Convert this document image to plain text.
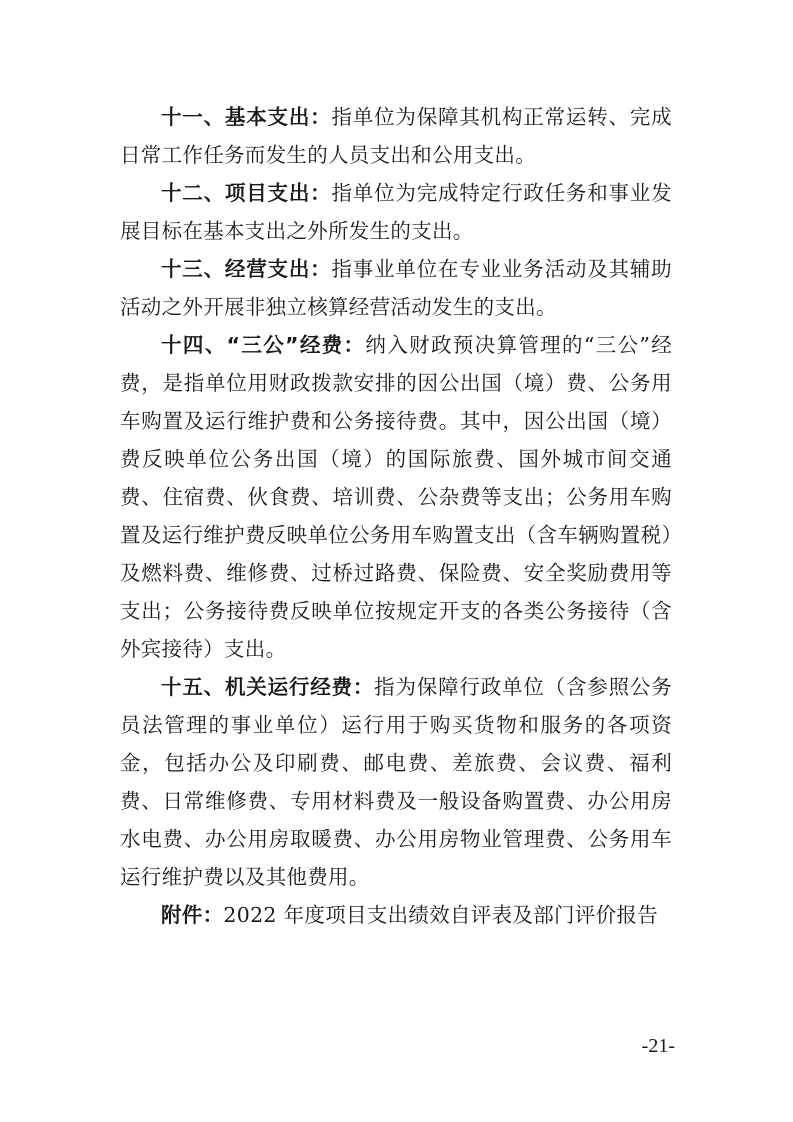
十一、基本支出：指单位为保障其机构正常运转、完成日常工作任务而发生的人员支出和公用支出。

十二、项目支出：指单位为完成特定行政任务和事业发展目标在基本支出之外所发生的支出。

十三、经营支出：指事业单位在专业业务活动及其辅助活动之外开展非独立核算经营活动发生的支出。

十四、“三公”经费：纳入财政预决算管理的“三公”经费，是指单位用财政拨款安排的因公出国（境）费、公务用车购置及运行维护费和公务接待费。其中，因公出国（境）费反映单位公务出国（境）的国际旅费、国外城市间交通费、住宿费、伙食费、培训费、公杂费等支出；公务用车购置及运行维护费反映单位公务用车购置支出（含车辆购置税）及燃料费、维修费、过桥过路费、保险费、安全奖励费用等支出；公务接待费反映单位按规定开支的各类公务接待（含外宾接待）支出。

十五、机关运行经费：指为保障行政单位（含参照公务员法管理的事业单位）运行用于购买货物和服务的各项资金，包括办公及印刷费、邮电费、差旅费、会议费、福利费、日常维修费、专用材料费及一般设备购置费、办公用房水电费、办公用房取暖费、办公用房物业管理费、公务用车运行维护费以及其他费用。

附件：2022 年度项目支出绩效自评表及部门评价报告

-21-
